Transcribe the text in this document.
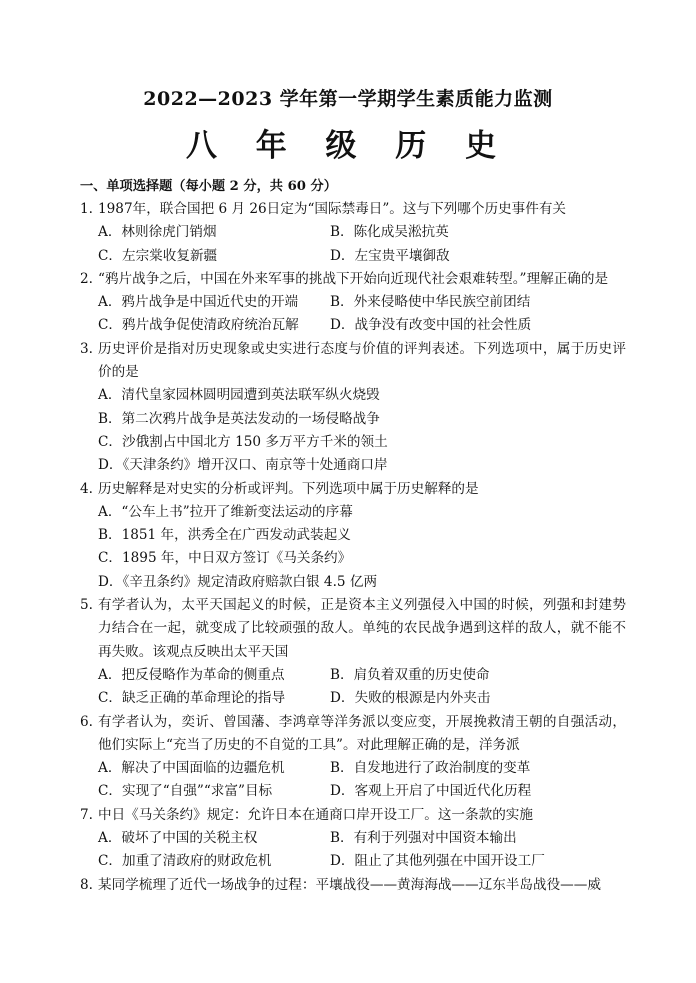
2022—2023 学年第一学期学生素质能力监测
八 年 级 历 史
一、单项选择题（每小题 2 分，共 60 分）
1. 1987年，联合国把 6 月 26日定为“国际禁毒日”。这与下列哪个历史事件有关
A．林则徐虎门销烟	B．陈化成吴淞抗英
C．左宗棠收复新疆	D．左宝贵平壤御敌
2. “鸦片战争之后，中国在外来军事的挑战下开始向近现代社会艰难转型。”理解正确的是
A．鸦片战争是中国近代史的开端	B．外来侵略使中华民族空前团结
C．鸦片战争促使清政府统治瓦解	D．战争没有改变中国的社会性质
3. 历史评价是指对历史现象或史实进行态度与价值的评判表述。下列选项中，属于历史评价的是
A．清代皇家园林圆明园遭到英法联军纵火烧毁
B．第二次鸦片战争是英法发动的一场侵略战争
C．沙俄割占中国北方 150 多万平方千米的领土
D．《天津条约》增开汉口、南京等十处通商口岸
4. 历史解释是对史实的分析或评判。下列选项中属于历史解释的是
A．“公车上书”拉开了维新变法运动的序幕
B．1851 年，洪秀全在广西发动武装起义
C．1895 年，中日双方签订《马关条约》
D．《辛丑条约》规定清政府赔款白银 4.5 亿两
5. 有学者认为，太平天国起义的时候，正是资本主义列强侵入中国的时候，列强和封建势力结合在一起，就变成了比较顽强的敌人。单纯的农民战争遇到这样的敌人，就不能不再失败。该观点反映出太平天国
A．把反侵略作为革命的侧重点	B．肩负着双重的历史使命
C．缺乏正确的革命理论的指导	D．失败的根源是内外夹击
6. 有学者认为，奕䜣、曾国藩、李鸿章等洋务派以变应变，开展挽救清王朝的自强活动，他们实际上“充当了历史的不自觉的工具”。对此理解正确的是，洋务派
A．解决了中国面临的边疆危机	B．自发地进行了政治制度的变革
C．实现了“自强”“求富”目标	D．客观上开启了中国近代化历程
7. 中日《马关条约》规定：允许日本在通商口岸开设工厂。这一条款的实施
A．破坏了中国的关税主权	B．有利于列强对中国资本输出
C．加重了清政府的财政危机	D．阻止了其他列强在中国开设工厂
8. 某同学梳理了近代一场战争的过程：平壤战役——黄海海战——辽东半岛战役——威
